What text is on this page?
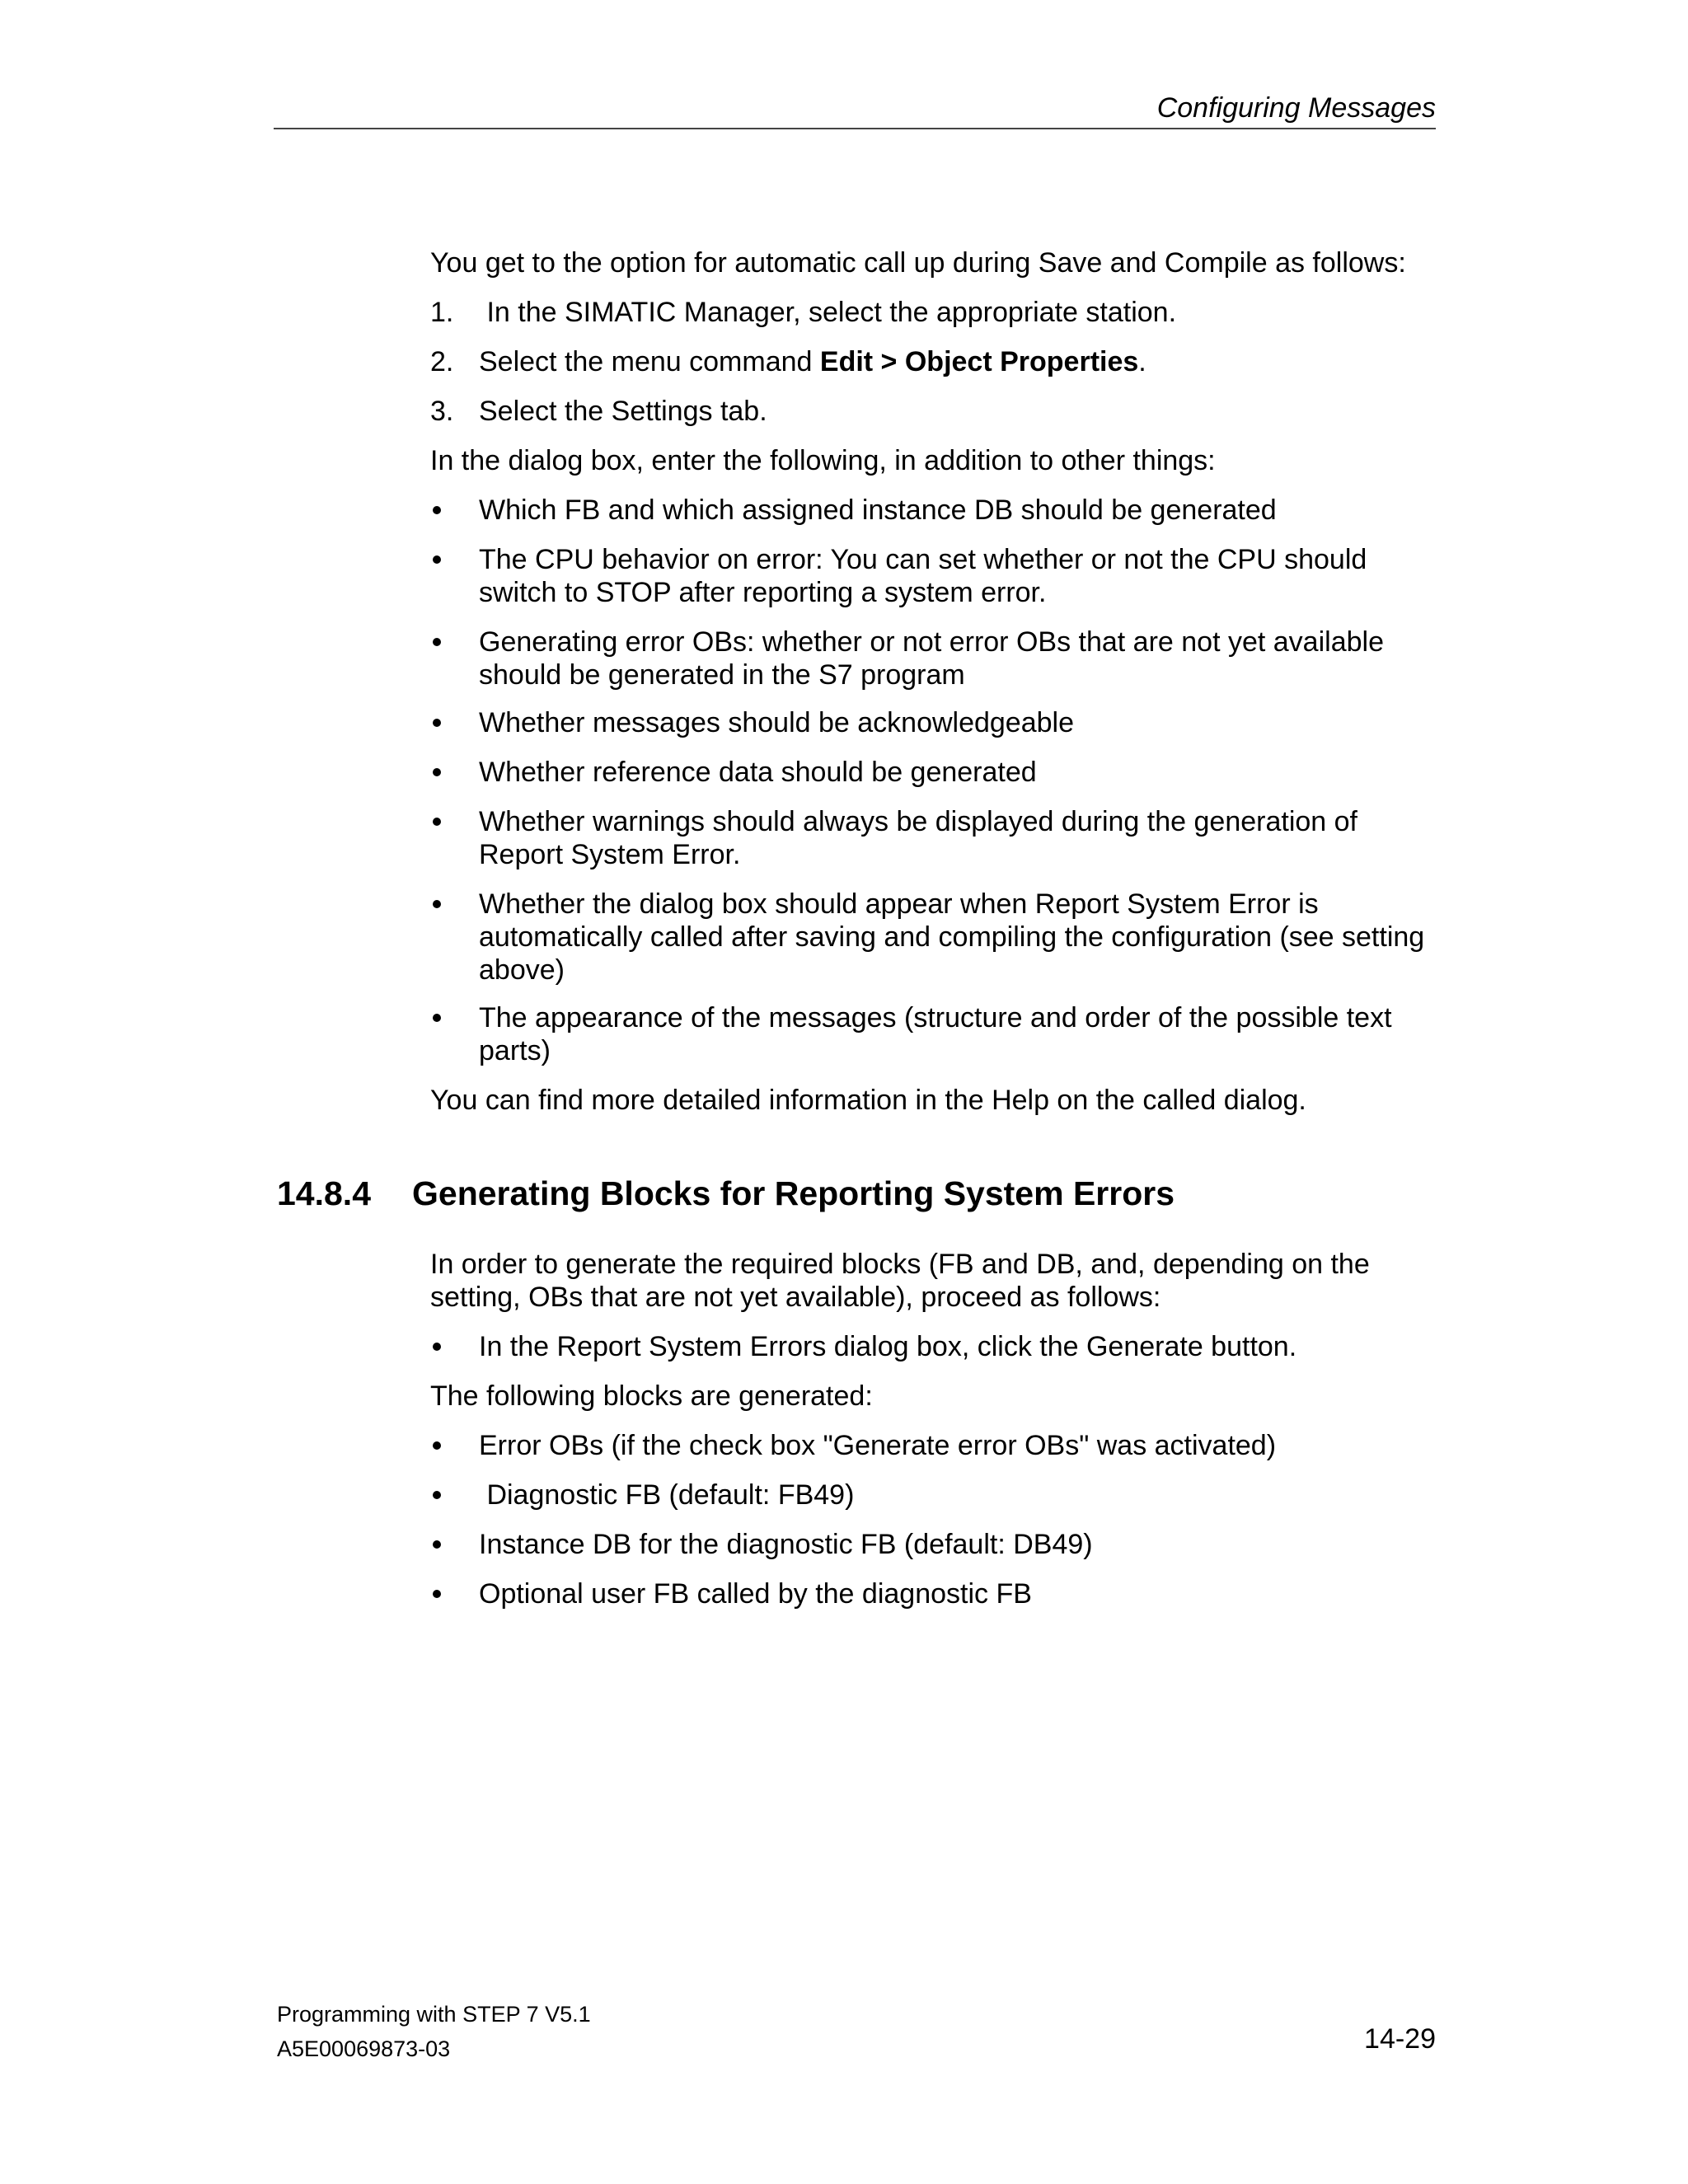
Configuring Messages

You get to the option for automatic call up during Save and Compile as follows:

1. In the SIMATIC Manager, select the appropriate station.
2. Select the menu command Edit > Object Properties.
3. Select the Settings tab.

In the dialog box, enter the following, in addition to other things:

Which FB and which assigned instance DB should be generated
The CPU behavior on error: You can set whether or not the CPU should switch to STOP after reporting a system error.
Generating error OBs: whether or not error OBs that are not yet available should be generated in the S7 program
Whether messages should be acknowledgeable
Whether reference data should be generated
Whether warnings should always be displayed during the generation of Report System Error.
Whether the dialog box should appear when Report System Error is automatically called after saving and compiling the configuration (see setting above)
The appearance of the messages (structure and order of the possible text parts)

You can find more detailed information in the Help on the called dialog.

14.8.4 Generating Blocks for Reporting System Errors

In order to generate the required blocks (FB and DB, and, depending on the setting, OBs that are not yet available), proceed as follows:

In the Report System Errors dialog box, click the Generate button.

The following blocks are generated:

Error OBs (if the check box "Generate error OBs" was activated)
Diagnostic FB (default: FB49)
Instance DB for the diagnostic FB (default: DB49)
Optional user FB called by the diagnostic FB
Programming with STEP 7 V5.1
A5E00069873-03	14-29
